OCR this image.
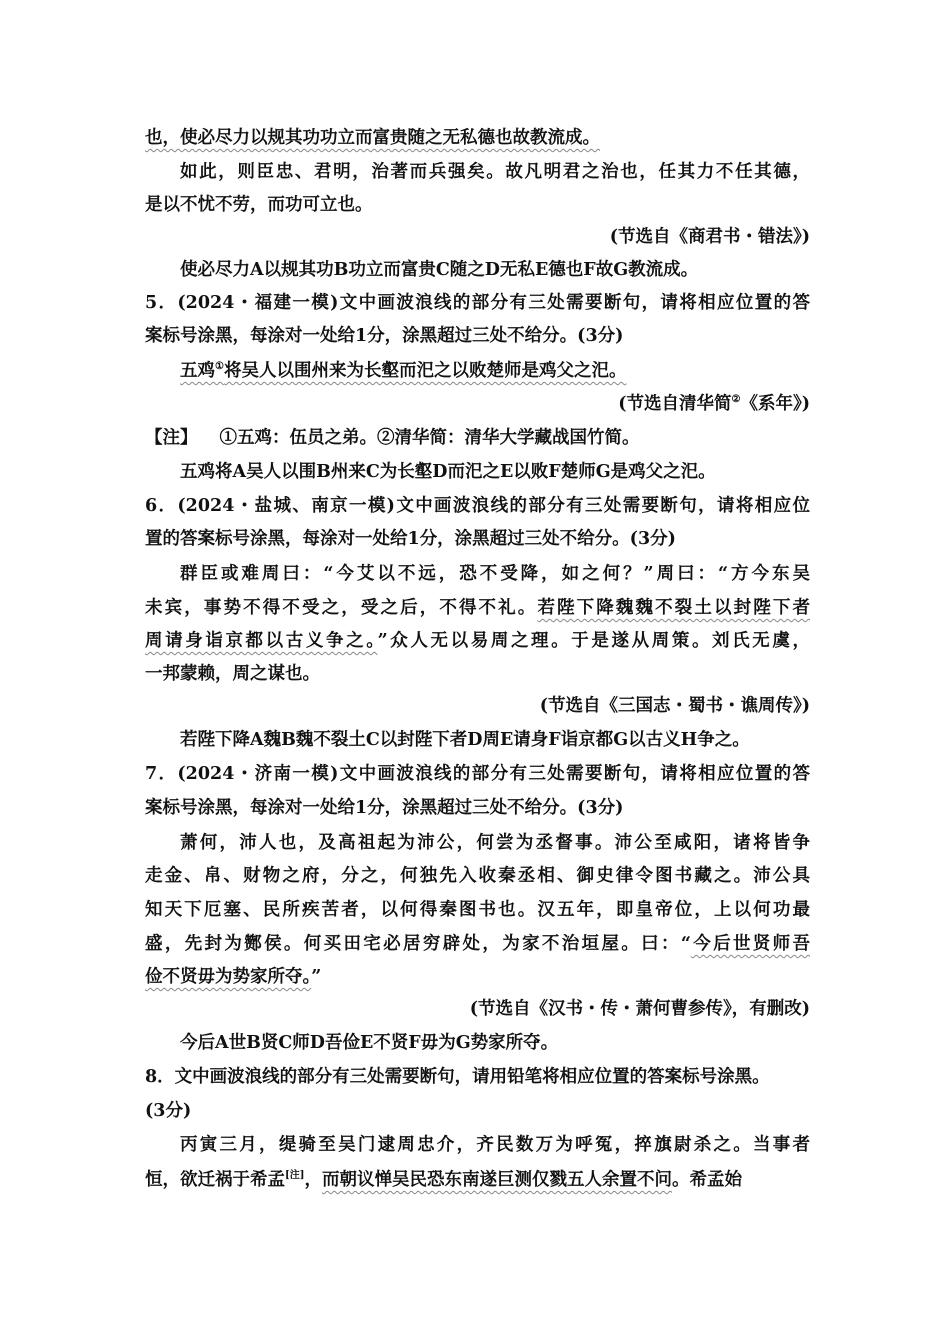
也，使必尽力以规其功功立而富贵随之无私德也故教流成。
如此，则臣忠、君明，治著而兵强矣。故凡明君之治也，任其力不任其德，
是以不忧不劳，而功可立也。
(节选自《商君书・错法》)
使必尽力A以规其功B功立而富贵C随之D无私E德也F故G教流成。
5．(2024・福建一模)文中画波浪线的部分有三处需要断句，请将相应位置的答
案标号涂黑，每涂对一处给1分，涂黑超过三处不给分。(3分)
五鸡①将吴人以围州来为长壑而汜之以败楚师是鸡父之汜。
(节选自清华简②《系年》)
【注】 ①五鸡：伍员之弟。②清华简：清华大学藏战国竹简。
五鸡将A吴人以围B州来C为长壑D而汜之E以败F楚师G是鸡父之汜。
6．(2024・盐城、南京一模)文中画波浪线的部分有三处需要断句，请将相应位
置的答案标号涂黑，每涂对一处给1分，涂黑超过三处不给分。(3分)
群臣或难周曰：“今艾以不远，恐不受降，如之何？”周曰：“方今东吴
未宾，事势不得不受之，受之后，不得不礼。若陛下降魏魏不裂土以封陛下者
周请身诣京都以古义争之。”众人无以易周之理。于是遂从周策。刘氏无虞，
一邦蒙赖，周之谋也。
(节选自《三国志・蜀书・谯周传》)
若陛下降A魏B魏不裂土C以封陛下者D周E请身F诣京都G以古义H争之。
7．(2024・济南一模)文中画波浪线的部分有三处需要断句，请将相应位置的答
案标号涂黑，每涂对一处给1分，涂黑超过三处不给分。(3分)
萧何，沛人也，及高祖起为沛公，何尝为丞督事。沛公至咸阳，诸将皆争
走金、帛、财物之府，分之，何独先入收秦丞相、御史律令图书藏之。沛公具
知天下厄塞、民所疾苦者，以何得秦图书也。汉五年，即皇帝位，上以何功最
盛，先封为酂侯。何买田宅必居穷辟处，为家不治垣屋。曰：“今后世贤师吾
俭不贤毋为势家所夺。”
(节选自《汉书・传・萧何曹参传》，有删改)
今后A世B贤C师D吾俭E不贤F毋为G势家所夺。
8．文中画波浪线的部分有三处需要断句，请用铅笔将相应位置的答案标号涂黑。
(3分)
丙寅三月，缇骑至吴门逮周忠介，齐民数万为呼冤，捽旗尉杀之。当事者
恒，欲迁祸于希孟[注]，而朝议惮吴民恐东南遂巨测仅戮五人余置不问。希孟始
